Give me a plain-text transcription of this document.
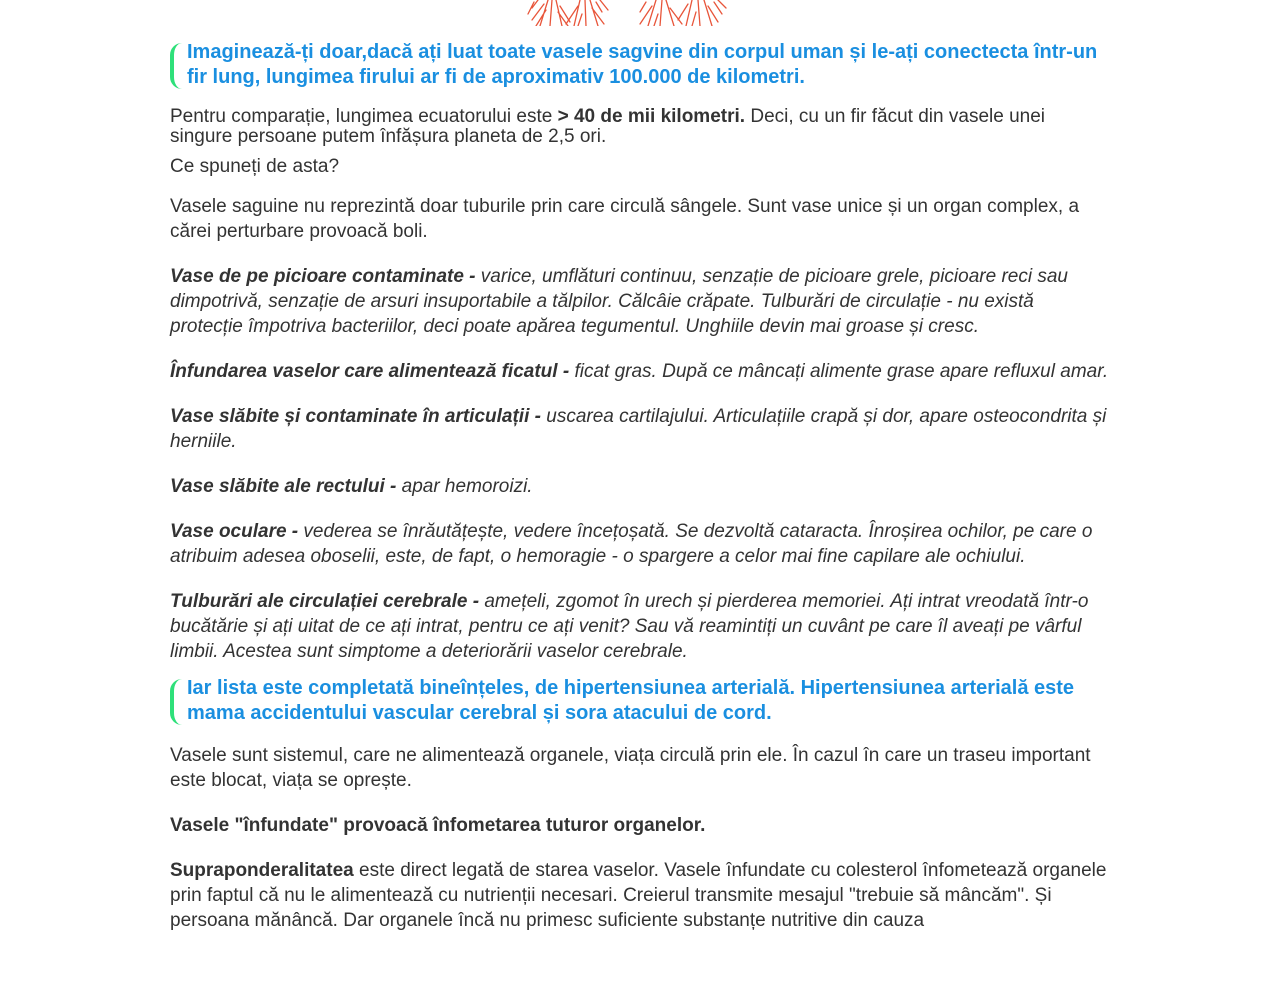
Imaginează-ți doar,dacă ați luat toate vasele sagvine din corpul uman și le-ați conectecta într-un fir lung, lungimea firului ar fi de aproximativ 100.000 de kilometri.

Pentru comparație, lungimea ecuatorului este > 40 de mii kilometri. Deci, cu un fir făcut din vasele unei singure persoane putem înfășura planeta de 2,5 ori.

Ce spuneți de asta?

Vasele saguine nu reprezintă doar tuburile prin care circulă sângele. Sunt vase unice și un organ complex, a cărei perturbare provoacă boli.

Vase de pe picioare contaminate - varice, umflături continuu, senzație de picioare grele, picioare reci sau dimpotrivă, senzație de arsuri insuportabile a tălpilor. Călcâie crăpate. Tulburări de circulație - nu există protecție împotriva bacteriilor, deci poate apărea tegumentul. Unghiile devin mai groase și cresc.

Înfundarea vaselor care alimentează ficatul - ficat gras. După ce mâncați alimente grase apare refluxul amar.

Vase slăbite și contaminate în articulații - uscarea cartilajului. Articulațiile crapă și dor, apare osteocondrita și herniile.

Vase slăbite ale rectului - apar hemoroizi.

Vase oculare - vederea se înrăutățește, vedere încețoșată. Se dezvoltă cataracta. Înroșirea ochilor, pe care o atribuim adesea oboselii, este, de fapt, o hemoragie - o spargere a celor mai fine capilare ale ochiului.

Tulburări ale circulației cerebrale - amețeli, zgomot în urech și pierderea memoriei. Ați intrat vreodată într-o bucătărie și ați uitat de ce ați intrat, pentru ce ați venit? Sau vă reamintiți un cuvânt pe care îl aveați pe vârful limbii. Acestea sunt simptome a deteriorării vaselor cerebrale.

Iar lista este completată bineînțeles, de hipertensiunea arterială. Hipertensiunea arterială este mama accidentului vascular cerebral și sora atacului de cord.

Vasele sunt sistemul, care ne alimentează organele, viața circulă prin ele. În cazul în care un traseu important este blocat, viața se oprește.

Vasele "înfundate" provoacă înfometarea tuturor organelor.

Supraponderalitatea este direct legată de starea vaselor. Vasele înfundate cu colesterol înfometează organele prin faptul că nu le alimentează cu nutrienții necesari. Creierul transmite mesajul "trebuie să mâncăm". Și persoana mănâncă. Dar organele încă nu primesc suficiente substanțe nutritive din cauza
